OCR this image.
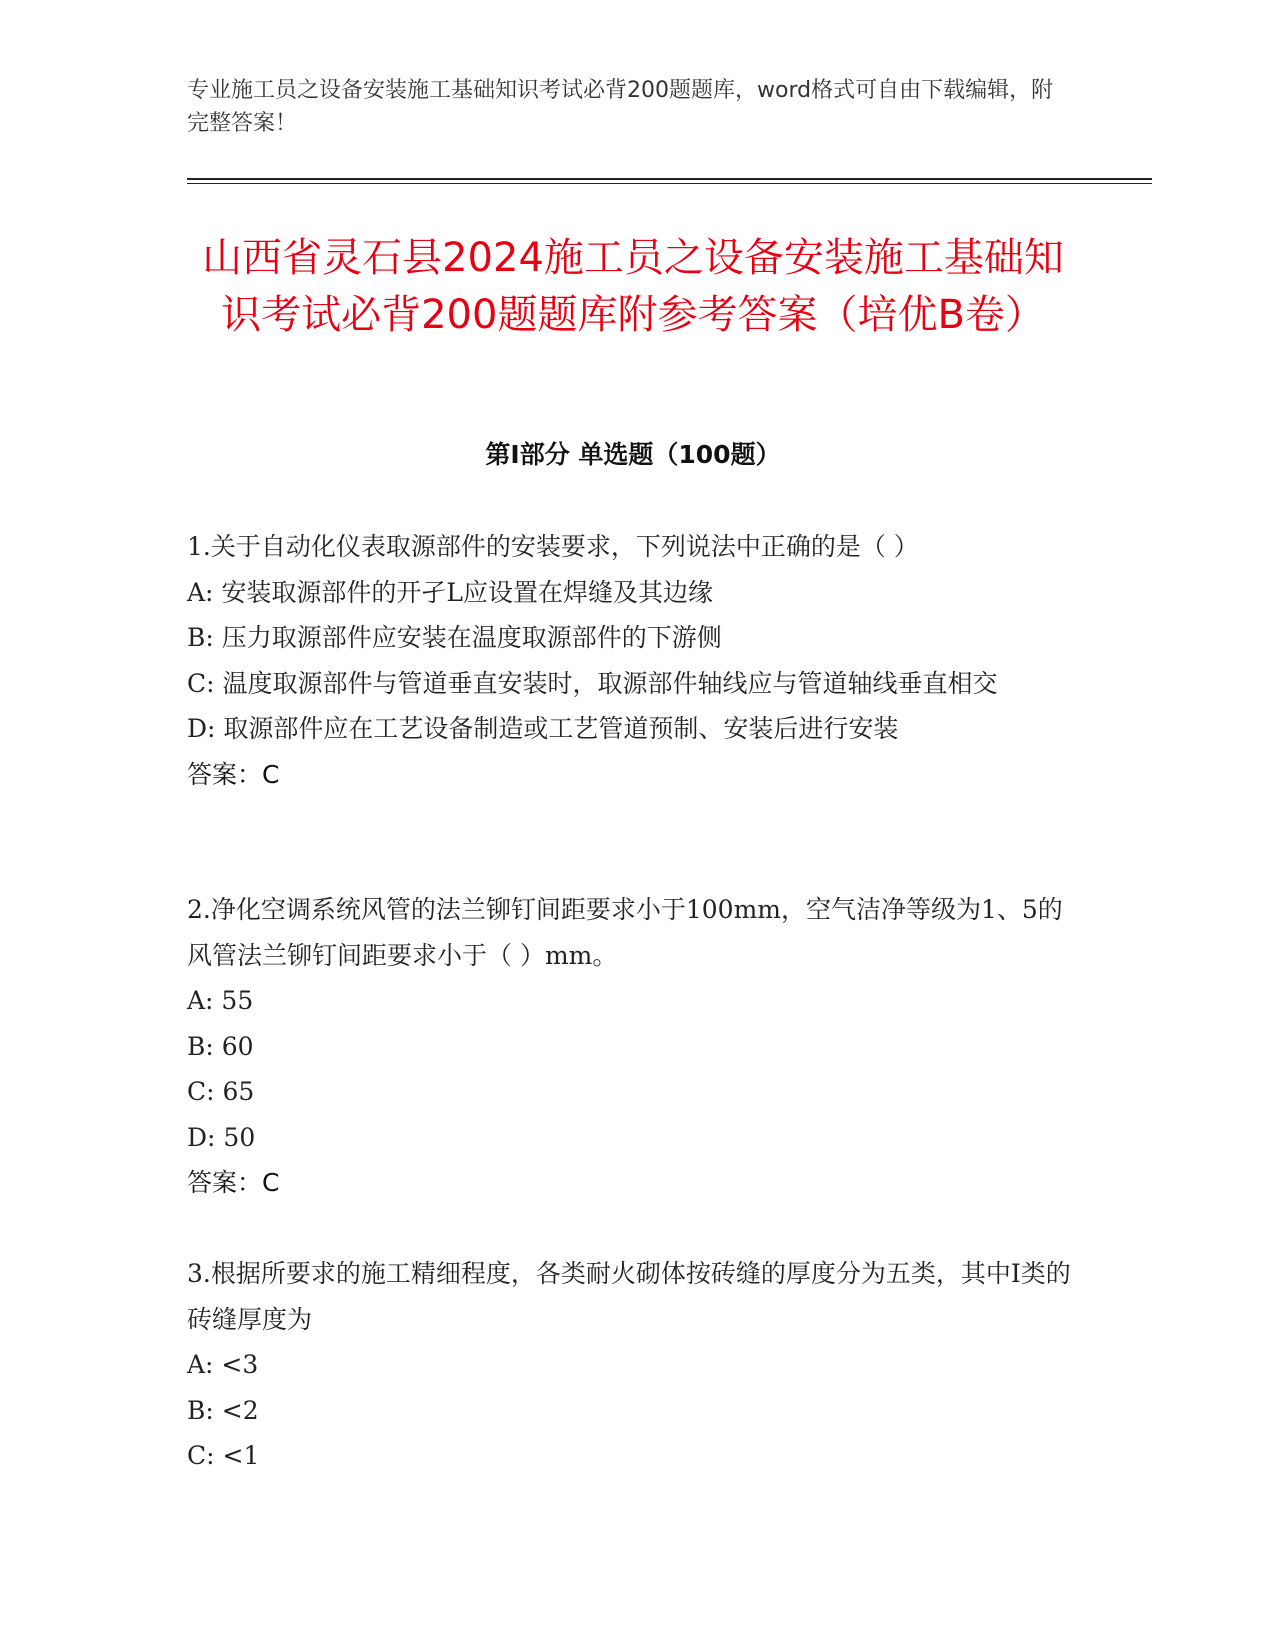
专业施工员之设备安装施工基础知识考试必背200题题库，word格式可自由下载编辑，附完整答案！
山西省灵石县2024施工员之设备安装施工基础知识考试必背200题题库附参考答案（培优B卷）
第Ⅰ部分 单选题（100题）
1.关于自动化仪表取源部件的安装要求，下列说法中正确的是（ ）
A: 安装取源部件的开孑L应设置在焊缝及其边缘
B: 压力取源部件应安装在温度取源部件的下游侧
C: 温度取源部件与管道垂直安装时，取源部件轴线应与管道轴线垂直相交
D: 取源部件应在工艺设备制造或工艺管道预制、安装后进行安装
答案：C
2.净化空调系统风管的法兰铆钉间距要求小于100mm，空气洁净等级为1、5的风管法兰铆钉间距要求小于（ ）mm。
A: 55
B: 60
C: 65
D: 50
答案：C
3.根据所要求的施工精细程度，各类耐火砌体按砖缝的厚度分为五类，其中Ⅰ类的砖缝厚度为
A: <3
B: <2
C: <1
